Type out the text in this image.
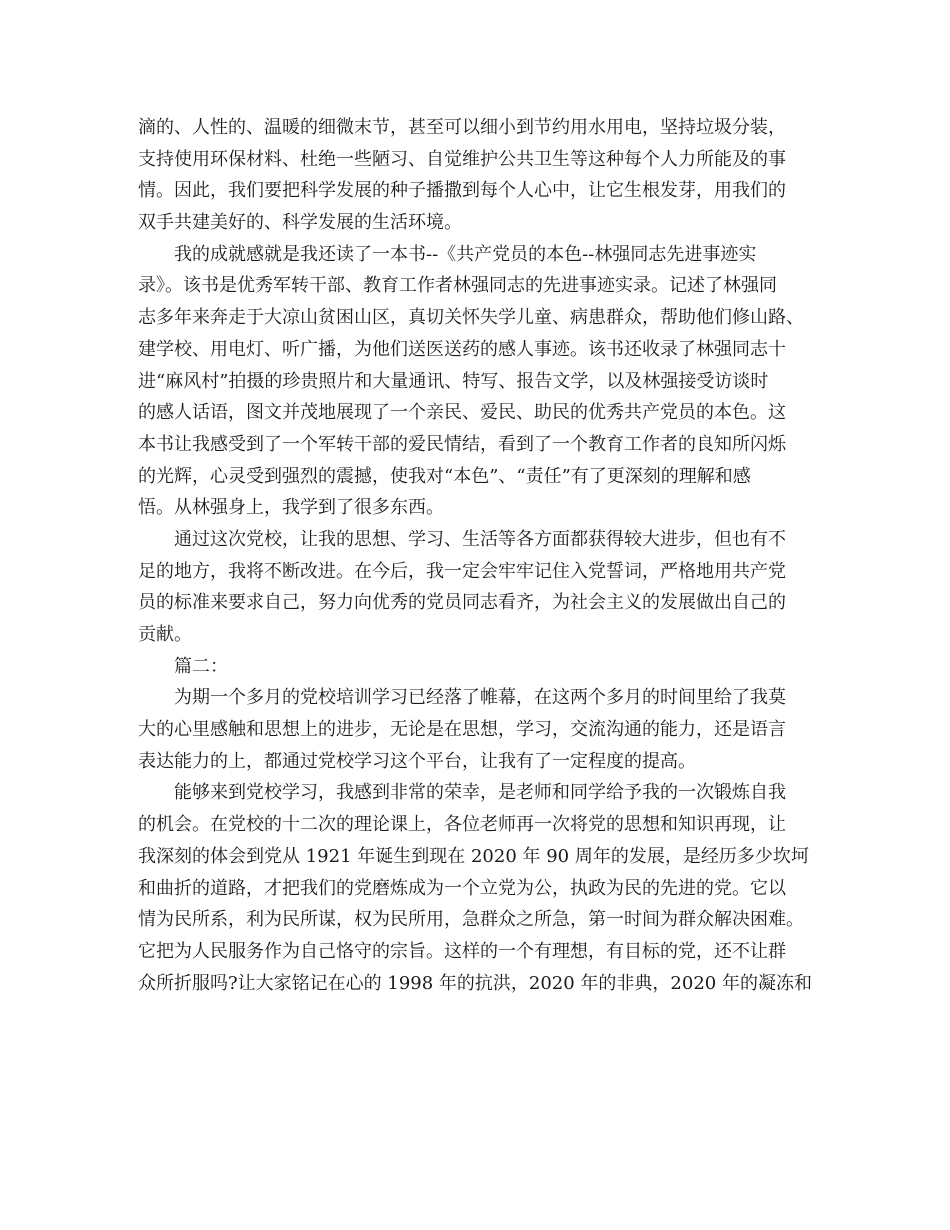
滴的、人性的、温暖的细微末节，甚至可以细小到节约用水用电，坚持垃圾分装，
支持使用环保材料、杜绝一些陋习、自觉维护公共卫生等这种每个人力所能及的事
情。因此，我们要把科学发展的种子播撒到每个人心中，让它生根发芽，用我们的
双手共建美好的、科学发展的生活环境。
我的成就感就是我还读了一本书--《共产党员的本色--林强同志先进事迹实
录》。该书是优秀军转干部、教育工作者林强同志的先进事迹实录。记述了林强同
志多年来奔走于大凉山贫困山区，真切关怀失学儿童、病患群众，帮助他们修山路、
建学校、用电灯、听广播，为他们送医送药的感人事迹。该书还收录了林强同志十
进“麻风村”拍摄的珍贵照片和大量通讯、特写、报告文学，以及林强接受访谈时
的感人话语，图文并茂地展现了一个亲民、爱民、助民的优秀共产党员的本色。这
本书让我感受到了一个军转干部的爱民情结，看到了一个教育工作者的良知所闪烁
的光辉，心灵受到强烈的震撼，使我对“本色”、“责任”有了更深刻的理解和感
悟。从林强身上，我学到了很多东西。
通过这次党校，让我的思想、学习、生活等各方面都获得较大进步，但也有不
足的地方，我将不断改进。在今后，我一定会牢牢记住入党誓词，严格地用共产党
员的标准来要求自己，努力向优秀的党员同志看齐，为社会主义的发展做出自己的
贡献。
篇二：
为期一个多月的党校培训学习已经落了帷幕，在这两个多月的时间里给了我莫
大的心里感触和思想上的进步，无论是在思想，学习，交流沟通的能力，还是语言
表达能力的上，都通过党校学习这个平台，让我有了一定程度的提高。
能够来到党校学习，我感到非常的荣幸，是老师和同学给予我的一次锻炼自我
的机会。在党校的十二次的理论课上，各位老师再一次将党的思想和知识再现，让
我深刻的体会到党从 1921 年诞生到现在 2020 年 90 周年的发展，是经历多少坎坷
和曲折的道路，才把我们的党磨炼成为一个立党为公，执政为民的先进的党。它以
情为民所系，利为民所谋，权为民所用，急群众之所急，第一时间为群众解决困难。
它把为人民服务作为自己恪守的宗旨。这样的一个有理想，有目标的党，还不让群
众所折服吗?让大家铭记在心的 1998 年的抗洪，2020 年的非典，2020 年的凝冻和
